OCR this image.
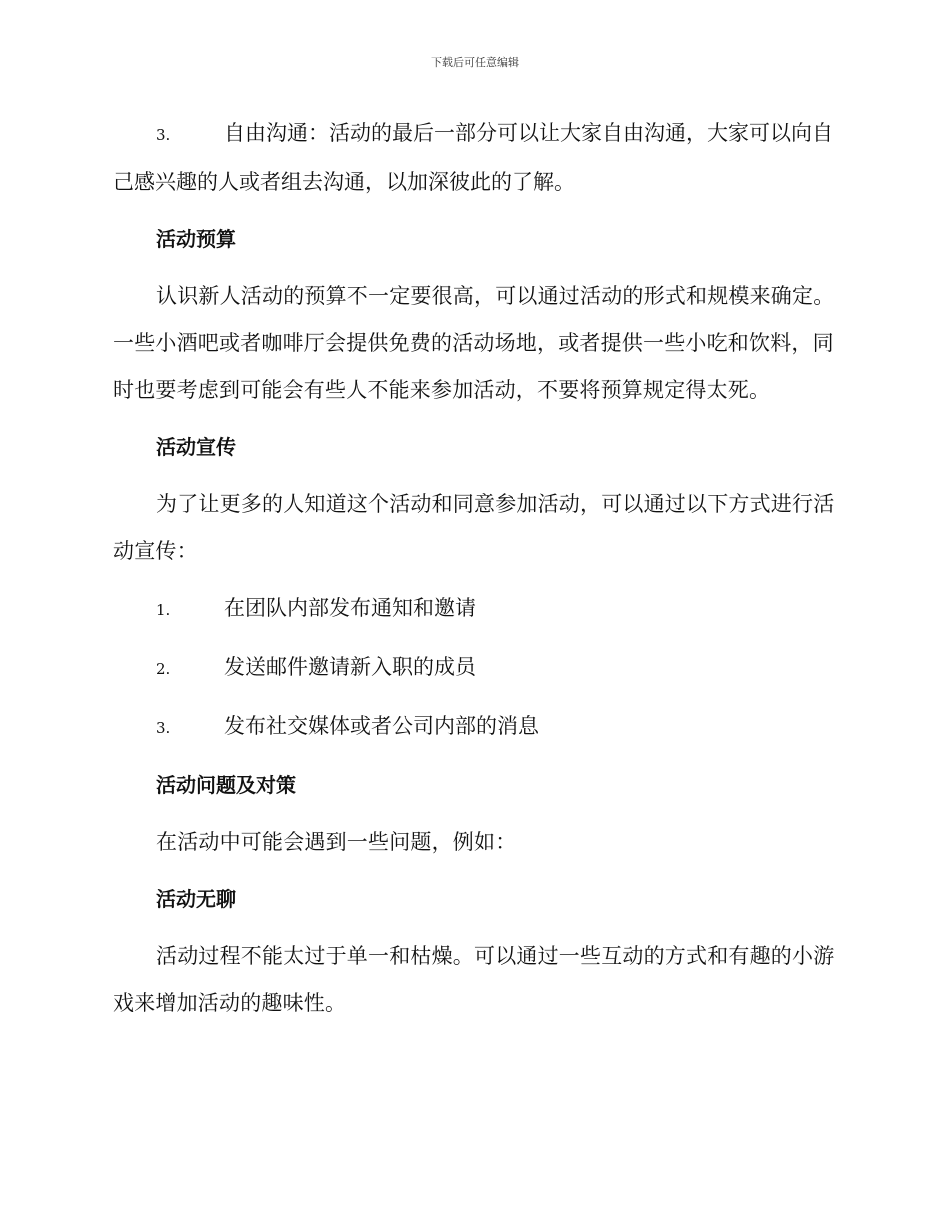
下载后可任意编辑

3.	自由沟通：活动的最后一部分可以让大家自由沟通，大家可以向自己感兴趣的人或者组去沟通，以加深彼此的了解。

活动预算

认识新人活动的预算不一定要很高，可以通过活动的形式和规模来确定。一些小酒吧或者咖啡厅会提供免费的活动场地，或者提供一些小吃和饮料，同时也要考虑到可能会有些人不能来参加活动，不要将预算规定得太死。

活动宣传

为了让更多的人知道这个活动和同意参加活动，可以通过以下方式进行活动宣传：

1.	在团队内部发布通知和邀请
2.	发送邮件邀请新入职的成员
3.	发布社交媒体或者公司内部的消息
活动问题及对策

在活动中可能会遇到一些问题，例如：

活动无聊

活动过程不能太过于单一和枯燥。可以通过一些互动的方式和有趣的小游戏来增加活动的趣味性。
